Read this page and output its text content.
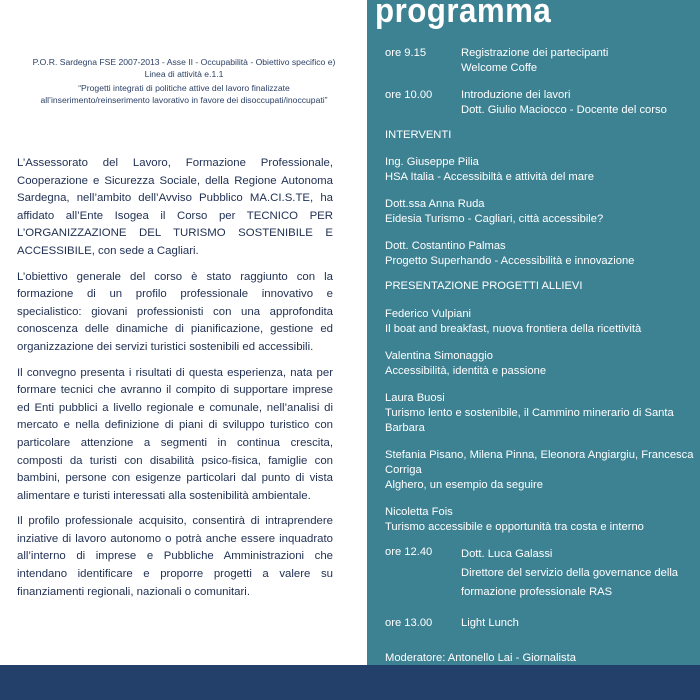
programma
P.O.R. Sardegna FSE 2007-2013 - Asse II - Occupabilità - Obiettivo specifico e)
Linea di attività e.1.1
“Progetti integrati di politiche attive del lavoro finalizzate
all’inserimento/reinserimento lavorativo in favore dei disoccupati/inoccupati”

L’Assessorato del Lavoro, Formazione Professionale, Cooperazione e Sicurezza Sociale, della Regione Autonoma Sardegna, nell’ambito dell’Avviso Pubblico MA.CI.S.TE, ha affidato all’Ente Isogea il Corso per TECNICO PER L’ORGANIZZAZIONE DEL TURISMO SOSTENIBILE E ACCESSIBILE, con sede a Cagliari.

L’obiettivo generale del corso è stato raggiunto con la formazione di un profilo professionale innovativo e specialistico: giovani professionisti con una approfondita conoscenza delle dinamiche di pianificazione, gestione ed organizzazione dei servizi turistici sostenibili ed accessibili.

Il convegno presenta i risultati di questa esperienza, nata per formare tecnici che avranno il compito di supportare imprese ed Enti pubblici a livello regionale e comunale, nell’analisi di mercato e nella definizione di piani di sviluppo turistico con particolare attenzione a segmenti in continua crescita, composti da turisti con disabilità psico-fisica, famiglie con bambini, persone con esigenze particolari dal punto di vista alimentare e turisti interessati alla sostenibilità ambientale.

Il profilo professionale acquisito, consentirà di intraprendere inziative di lavoro autonomo o potrà anche essere inquadrato all’interno di imprese e Pubbliche Amministrazioni che intendano identificare e proporre progetti a valere su finanziamenti regionali, nazionali o comunitari.

ore 9.15	Registrazione dei partecipanti
Welcome Coffe
ore 10.00	Introduzione dei lavori
Dott. Giulio Maciocco - Docente del corso
INTERVENTI
Ing. Giuseppe Pilia
HSA Italia - Accessibiltà e attività del mare
Dott.ssa Anna Ruda
Eidesia Turismo - Cagliari, città accessibile?
Dott. Costantino Palmas
Progetto Superhando - Accessibilità e innovazione
PRESENTAZIONE PROGETTI ALLIEVI
Federico Vulpiani
Il boat and breakfast, nuova frontiera della ricettività
Valentina Simonaggio
Accessibilità, identità e passione
Laura Buosi
Turismo lento e sostenibile, il Cammino minerario di Santa Barbara
Stefania Pisano, Milena Pinna, Eleonora Angiargiu, Francesca Corriga
Alghero, un esempio da seguire
Nicoletta Fois
Turismo accessibile e opportunità tra costa e interno
ore 12.40	Dott. Luca Galassi
Direttore del servizio della governance della formazione professionale RAS
ore 13.00	Light Lunch
Moderatore: Antonello Lai - Giornalista
